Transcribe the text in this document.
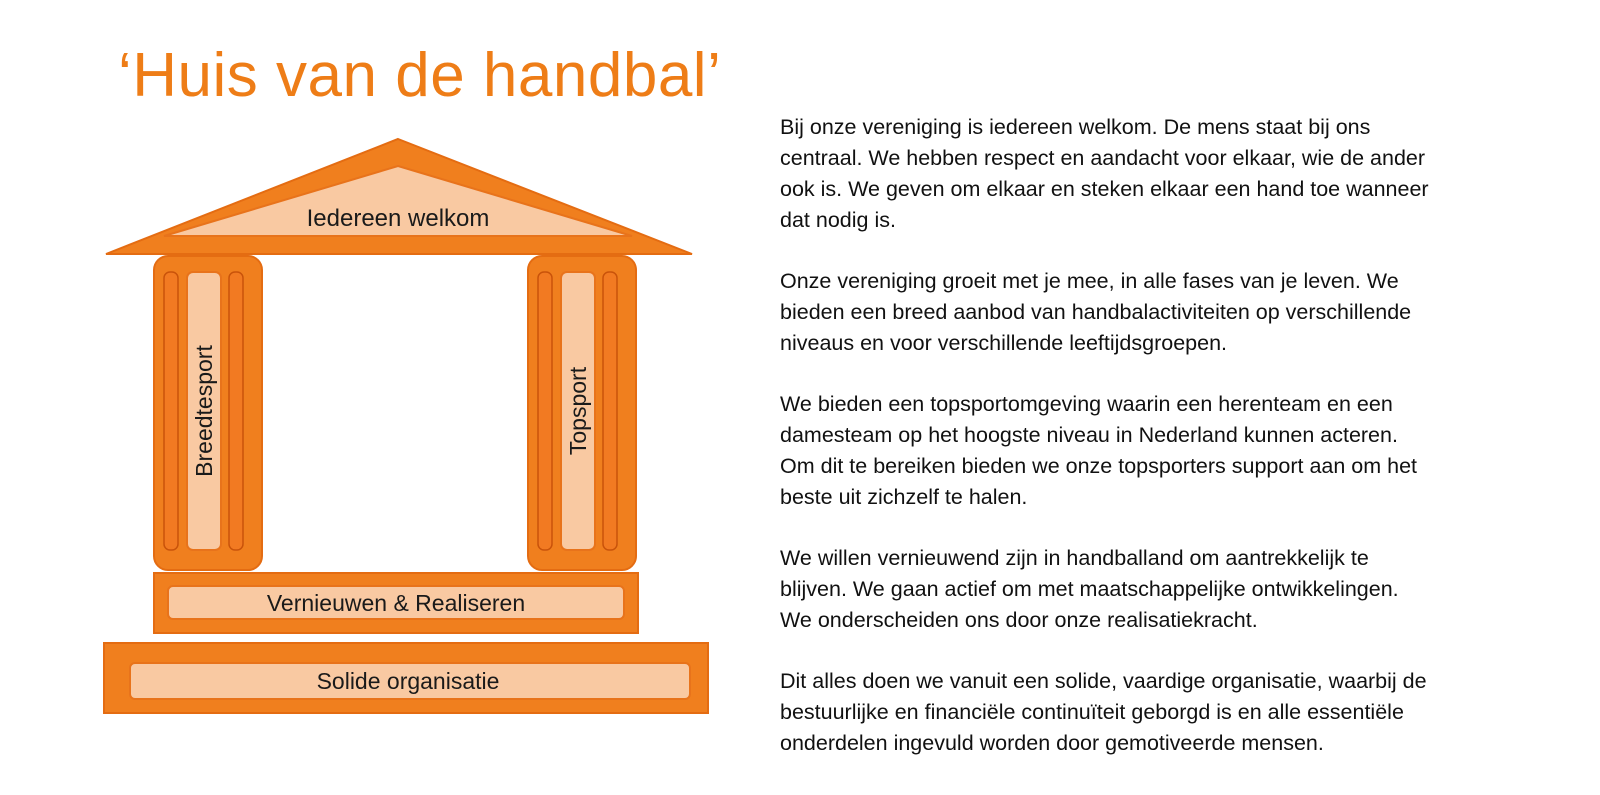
‘Huis van de handbal’
Iedereen welkom
Breedtesport	Topsport
Vernieuwen & Realiseren
Solide organisatie

Bij onze vereniging is iedereen welkom. De mens staat bij ons
centraal. We hebben respect en aandacht voor elkaar, wie de ander
ook is. We geven om elkaar en steken elkaar een hand toe wanneer
dat nodig is.

Onze vereniging groeit met je mee, in alle fases van je leven. We
bieden een breed aanbod van handbalactiviteiten op verschillende
niveaus en voor verschillende leeftijdsgroepen.

We bieden een topsportomgeving waarin een herenteam en een
damesteam op het hoogste niveau in Nederland kunnen acteren.
Om dit te bereiken bieden we onze topsporters support aan om het
beste uit zichzelf te halen.

We willen vernieuwend zijn in handballand om aantrekkelijk te
blijven. We gaan actief om met maatschappelijke ontwikkelingen.
We onderscheiden ons door onze realisatiekracht.

Dit alles doen we vanuit een solide, vaardige organisatie, waarbij de
bestuurlijke en financiële continuïteit geborgd is en alle essentiële
onderdelen ingevuld worden door gemotiveerde mensen.
